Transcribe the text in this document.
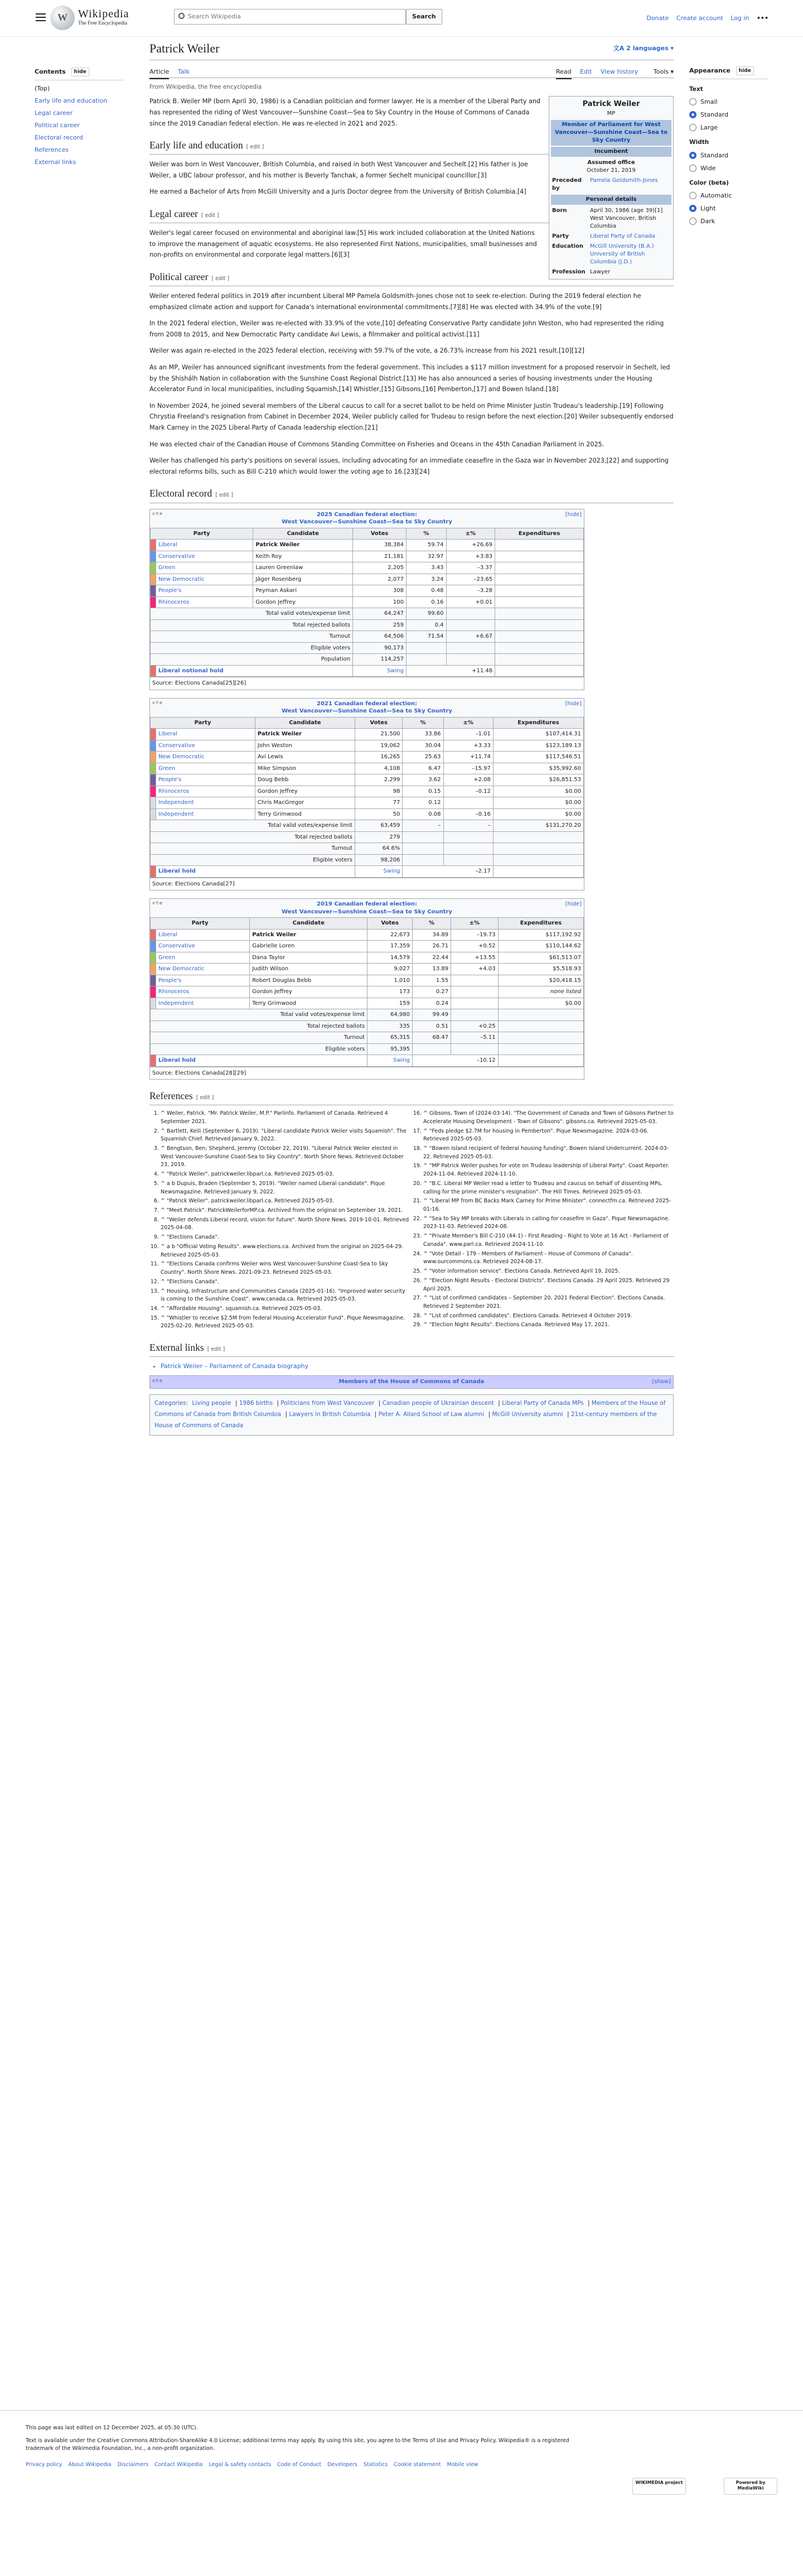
W Wikipedia
The Free Encyclopedia
Search Wikipedia	Search	Donate Create account Log in •••
Contents hide
(Top)
Early life and education
Legal career
Political career
Electoral record
References
External links
Appearance hide
Text
Small
Standard
Large
Width
Standard
Wide
Color (beta)
Automatic
Light
Dark
Patrick Weiler	文A 2 languages ▾
Article Talk	Read Edit View history	Tools ▾
From Wikipedia, the free encyclopedia
Patrick Weiler
MP
Member of Parliament for West Vancouver—Sunshine Coast—Sea to Sky Country
Incumbent
Assumed office
October 21, 2019
Preceded by
Pamela Goldsmith-Jones
Personal details
Born	April 30, 1986 (age 39)[1] West Vancouver, British Columbia
Party	Liberal Party of Canada
Education	McGill University (B.A.) University of British Columbia (J.D.)
Profession Lawyer

Patrick B. Weiler MP (born April 30, 1986) is a Canadian politician and former lawyer. He is a member of the Liberal Party and has represented the riding of West Vancouver—Sunshine Coast—Sea to Sky Country in the House of Commons of Canada since the 2019 Canadian federal election. He was re-elected in 2021 and 2025.

Early life and education [ edit ]

Weiler was born in West Vancouver, British Columbia, and raised in both West Vancouver and Sechelt.[2] His father is Joe Weiler, a UBC labour professor, and his mother is Beverly Tanchak, a former Sechelt municipal councillor.[3]

He earned a Bachelor of Arts from McGill University and a Juris Doctor degree from the University of British Columbia.[4]

Legal career [ edit ]

Weiler's legal career focused on environmental and aboriginal law.[5] His work included collaboration at the United Nations to improve the management of aquatic ecosystems. He also represented First Nations, municipalities, small businesses and non-profits on environmental and corporate legal matters.[6][3]

Political career [ edit ]

Weiler entered federal politics in 2019 after incumbent Liberal MP Pamela Goldsmith-Jones chose not to seek re-election. During the 2019 federal election he emphasized climate action and support for Canada's international environmental commitments.[7][8] He was elected with 34.9% of the vote.[9]

In the 2021 federal election, Weiler was re-elected with 33.9% of the vote,[10] defeating Conservative Party candidate John Weston, who had represented the riding from 2008 to 2015, and New Democratic Party candidate Avi Lewis, a filmmaker and political activist.[11]

Weiler was again re-elected in the 2025 federal election, receiving with 59.7% of the vote, a 26.73% increase from his 2021 result.[10][12]

As an MP, Weiler has announced significant investments from the federal government. This includes a $117 million investment for a proposed reservoir in Sechelt, led by the Shíshálh Nation in collaboration with the Sunshine Coast Regional District.[13] He has also announced a series of housing investments under the Housing Accelerator Fund in local municipalities, including Squamish,[14] Whistler,[15] Gibsons,[16] Pemberton,[17] and Bowen Island.[18]

In November 2024, he joined several members of the Liberal caucus to call for a secret ballot to be held on Prime Minister Justin Trudeau's leadership.[19] Following Chrystia Freeland's resignation from Cabinet in December 2024, Weiler publicly called for Trudeau to resign before the next election.[20] Weiler subsequently endorsed Mark Carney in the 2025 Liberal Party of Canada leadership election.[21]

He was elected chair of the Canadian House of Commons Standing Committee on Fisheries and Oceans in the 45th Canadian Parliament in 2025.

Weiler has challenged his party's positions on several issues, including advocating for an immediate ceasefire in the Gaza war in November 2023,[22] and supporting electoral reforms bills, such as Bill C-210 which would lower the voting age to 16.[23][24]

Electoral record [ edit ]
v·t·e	[hide]
2025 Canadian federal election:
West Vancouver—Sunshine Coast—Sea to Sky Country
Party		Candidate	Votes	%	±%	Expenditures
	Liberal	Patrick Weiler	38,384	59.74	+26.69	
	Conservative	Keith Roy	21,181	32.97	+3.83	
	Green	Lauren Greenlaw	2,205	3.43	–3.37	
	New Democratic	Jäger Rosenberg	2,077	3.24	–23.65	
	People's	Peyman Askari	308	0.48	–3.28	
	Rhinoceros	Gordon Jeffrey	100	0.16	+0.01	
Total valid votes/expense limit			64,247	99.60		
Total rejected ballots			259	0.4		
Turnout			64,506	71.54	+6.67	
Eligible voters			90,173			
Population			114,257			
	Liberal notional hold		Swing	+11.48		
Source: Elections Canada[25][26]
v·t·e	[hide]
2021 Canadian federal election:
West Vancouver—Sunshine Coast—Sea to Sky Country
Party		Candidate	Votes	%	±%	Expenditures
	Liberal	Patrick Weiler	21,500	33.86	–1.01	$107,414.31
	Conservative	John Weston	19,062	30.04	+3.33	$123,189.13
	New Democratic	Avi Lewis	16,265	25.63	+11.74	$117,546.51
	Green	Mike Simpson	4,108	6.47	–15.97	$35,992.60
	People's	Doug Bebb	2,299	3.62	+2.08	$26,851.53
	Rhinoceros	Gordon Jeffrey	98	0.15	–0.12	$0.00
	Independent	Chris MacGregor	77	0.12		$0.00
	Independent	Terry Grimwood	50	0.08	–0.16	$0.00
Total valid votes/expense limit			63,459	–	–	$131,270.20
Total rejected ballots			279			
Turnout			64.6%			
Eligible voters			98,206			
	Liberal hold		Swing	–2.17		
Source: Elections Canada[27]
v·t·e	[hide]
2019 Canadian federal election:
West Vancouver—Sunshine Coast—Sea to Sky Country
Party		Candidate	Votes	%	±%	Expenditures
	Liberal	Patrick Weiler	22,673	34.89	–19.73	$117,192.92
	Conservative	Gabrielle Loren	17,359	26.71	+0.52	$110,144.62
	Green	Dana Taylor	14,579	22.44	+13.55	$61,513.07
	New Democratic	Judith Wilson	9,027	13.89	+4.03	$5,518.93
	People's	Robert Douglas Bebb	1,010	1.55		$20,418.15
	Rhinoceros	Gordon Jeffrey	173	0.27		none listed
	Independent	Terry Grimwood	159	0.24		$0.00
Total valid votes/expense limit			64,980	99.49		
Total rejected ballots			335	0.51	+0.25	
Turnout			65,315	68.47	–5.11	
Eligible voters			95,395			
	Liberal hold		Swing	–10.12		
Source: Elections Canada[28][29]
References [ edit ]
1. ^ Weiler, Patrick. "Mr. Patrick Weiler, M.P." Parlinfo. Parliament of Canada. Retrieved 4 September 2021.
2. ^ Bartlett, Keili (September 6, 2019). "Liberal candidate Patrick Weiler visits Squamish". The Squamish Chief. Retrieved January 9, 2022.
3. ^ Bengtson, Ben; Shepherd, Jeremy (October 22, 2019). "Liberal Patrick Weiler elected in West Vancouver-Sunshine Coast-Sea to Sky Country". North Shore News. Retrieved October 23, 2019.
4. ^ "Patrick Weiler". patrickweiler.libparl.ca. Retrieved 2025-05-03.
5. ^ a b Dupuis, Braden (September 5, 2019). "Weiler named Liberal candidate". Pique Newsmagazine. Retrieved January 9, 2022.
6. ^ "Patrick Weiler". patrickweiler.libparl.ca. Retrieved 2025-05-03.
7. ^ "Meet Patrick". PatrickWeilerforMP.ca. Archived from the original on September 19, 2021.
8. ^ "Weiler defends Liberal record, vision for future". North Shore News. 2019-10-01. Retrieved 2025-04-08.
9. ^ "Elections Canada".
10. ^ a b "Official Voting Results". www.elections.ca. Archived from the original on 2025-04-29. Retrieved 2025-05-03.
11. ^ "Elections Canada confirms Weiler wins West Vancouver-Sunshine Coast-Sea to Sky Country". North Shore News. 2021-09-23. Retrieved 2025-05-03.
12. ^ "Elections Canada".
13. ^ Housing, Infrastructure and Communities Canada (2025-01-16). "Improved water security is coming to the Sunshine Coast". www.canada.ca. Retrieved 2025-05-03.
14. ^ "Affordable Housing". squamish.ca. Retrieved 2025-05-03.
15. ^ "Whistler to receive $2.5M from federal Housing Accelerator Fund". Pique Newsmagazine. 2025-02-20. Retrieved 2025-05-03.
16. ^ Gibsons, Town of (2024-03-14). "The Government of Canada and Town of Gibsons Partner to Accelerate Housing Development - Town of Gibsons". gibsons.ca. Retrieved 2025-05-03.
17. ^ "Feds pledge $2.7M for housing in Pemberton". Pique Newsmagazine. 2024-03-06. Retrieved 2025-05-03.
18. ^ "Bowen Island recipient of federal housing funding". Bowen Island Undercurrent. 2024-03-22. Retrieved 2025-05-03.
19. ^ "MP Patrick Weiler pushes for vote on Trudeau leadership of Liberal Party". Coast Reporter. 2024-11-04. Retrieved 2024-11-10.
20. ^ "B.C. Liberal MP Weiler read a letter to Trudeau and caucus on behalf of dissenting MPs, calling for the prime minister's resignation". The Hill Times. Retrieved 2025-05-03.
21. ^ "Liberal MP from BC Backs Mark Carney for Prime Minister". connectfm.ca. Retrieved 2025-01-16.
22. ^ "Sea to Sky MP breaks with Liberals in calling for ceasefire in Gaza". Pique Newsmagazine. 2023-11-03. Retrieved 2024-08.
23. ^ "Private Member's Bill C-210 (44-1) - First Reading - Right to Vote at 16 Act - Parliament of Canada". www.parl.ca. Retrieved 2024-11-10.
24. ^ "Vote Detail - 179 - Members of Parliament - House of Commons of Canada". www.ourcommons.ca. Retrieved 2024-08-17.
25. ^ "Voter information service". Elections Canada. Retrieved April 19, 2025.
26. ^ "Election Night Results - Electoral Districts". Elections Canada. 29 April 2025. Retrieved 29 April 2025.
27. ^ "List of confirmed candidates – September 20, 2021 Federal Election". Elections Canada. Retrieved 2 September 2021.
28. ^ "List of confirmed candidates". Elections Canada. Retrieved 4 October 2019.
29. ^ "Election Night Results". Elections Canada. Retrieved May 17, 2021.
External links [ edit ]
• Patrick Weiler – Parliament of Canada biography
v·t·e	Members of the House of Commons of Canada	[show]
Categories: Living people | 1986 births | Politicians from West Vancouver | Canadian people of Ukrainian descent | Liberal Party of Canada MPs | Members of the House of Commons of Canada from British Columbia | Lawyers in British Columbia | Peter A. Allard School of Law alumni | McGill University alumni | 21st-century members of the House of Commons of Canada
This page was last edited on 12 December 2025, at 05:30 (UTC).
Text is available under the Creative Commons Attribution-ShareAlike 4.0 License; additional terms may apply. By using this site, you agree to the Terms of Use and Privacy Policy. Wikipedia® is a registered trademark of the Wikimedia Foundation, Inc., a non-profit organization.
Privacy policy About Wikipedia Disclaimers Contact Wikipedia Legal & safety contacts Code of Conduct Developers Statistics Cookie statement Mobile view
WIKIMEDIA project	Powered by MediaWiki
